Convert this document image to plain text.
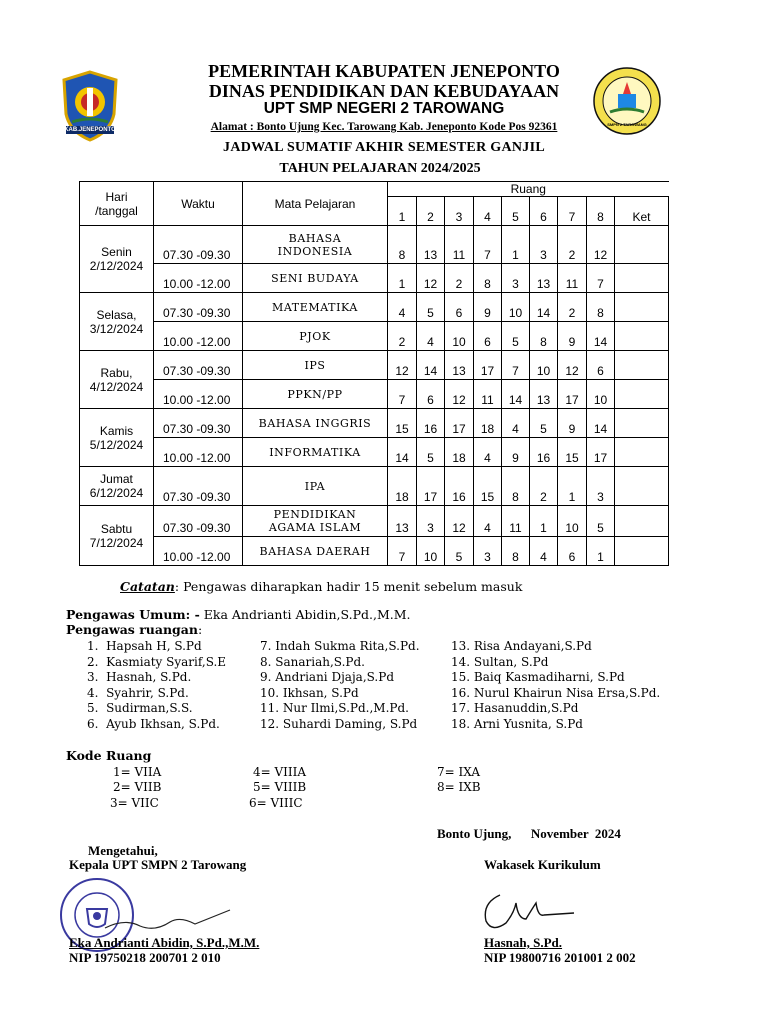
KAB.JENEPONTO
SMPN 2 TAROWANG
PEMERINTAH KABUPATEN JENEPONTO
DINAS PENDIDIKAN DAN KEBUDAYAAN
UPT SMP NEGERI 2 TAROWANG
Alamat : Bonto Ujung Kec. Tarowang Kab. Jeneponto Kode Pos 92361
JADWAL SUMATIF AKHIR SEMESTER GANJIL
TAHUN PELAJARAN 2024/2025
Hari /tanggal	Waktu	Mata Pelajaran	Ruang								
			1	2	3	4	5	6	7	8	Ket

Senin
2/12/2024	07.30 -09.30	BAHASA INDONESIA	8	13	11	7	1	3	2	12	
	10.00 -12.00	SENI BUDAYA	1	12	2	8	3	13	11	7	

Selasa,
3/12/2024	07.30 -09.30	MATEMATIKA	4	5	6	9	10	14	2	8	
	10.00 -12.00	PJOK	2	4	10	6	5	8	9	14	

Rabu,
4/12/2024	07.30 -09.30	IPS	12	14	13	17	7	10	12	6	
	10.00 -12.00	PPKN/PP	7	6	12	11	14	13	17	10	

Kamis
5/12/2024	07.30 -09.30	BAHASA INGGRIS	15	16	17	18	4	5	9	14	
	10.00 -12.00	INFORMATIKA	14	5	18	4	9	16	15	17	

Jumat
6/12/2024	07.30 -09.30	IPA	18	17	16	15	8	2	1	3	

Sabtu
7/12/2024	07.30 -09.30	PENDIDIKAN AGAMA ISLAM	13	3	12	4	11	1	10	5	
	10.00 -12.00	BAHASA DAERAH	7	10	5	3	8	4	6	1	
Catatan: Pengawas diharapkan hadir 15 menit sebelum masuk
Pengawas Umum: - Eka Andrianti Abidin,S.Pd.,M.M.
Pengawas ruangan:
1.  Hapsah H, S.Pd
2.  Kasmiaty Syarif,S.E
3.  Hasnah, S.Pd.
4.  Syahrir, S.Pd.
5.  Sudirman,S.S.
6.  Ayub Ikhsan, S.Pd.
7. Indah Sukma Rita,S.Pd.
8. Sanariah,S.Pd.
9. Andriani Djaja,S.Pd
10. Ikhsan, S.Pd
11. Nur Ilmi,S.Pd.,M.Pd.
12. Suhardi Daming, S.Pd
13. Risa Andayani,S.Pd
14. Sultan, S.Pd
15. Baiq Kasmadiharni, S.Pd
16. Nurul Khairun Nisa Ersa,S.Pd.
17. Hasanuddin,S.Pd
18. Arni Yusnita, S.Pd
Kode Ruang
1= VIIA	4= VIIIA	7= IXA
2= VIIB	5= VIIIB	8= IXB
3= VIIC	6= VIIIC
Bonto Ujung,      November  2024
Mengetahui,
Kepala UPT SMPN 2 Tarowang	Wakasek Kurikulum
Eka Andrianti Abidin, S.Pd.,M.M.
NIP 19750218 200701 2 010
Hasnah, S.Pd.
NIP 19800716 201001 2 002
